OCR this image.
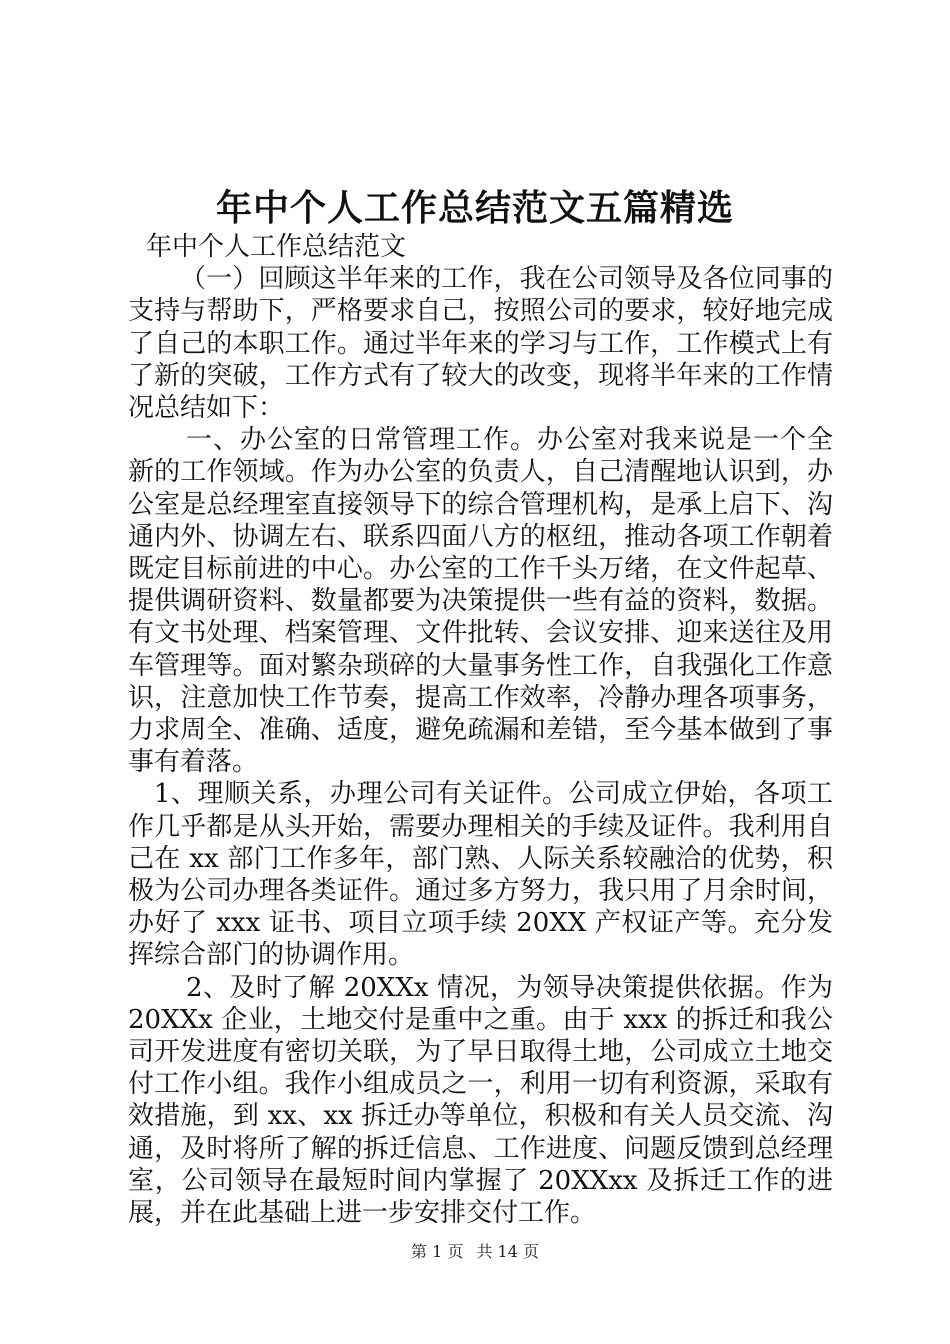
年中个人工作总结范文五篇精选

年中个人工作总结范文

（一）回顾这半年来的工作，我在公司领导及各位同事的支持与帮助下，严格要求自己，按照公司的要求，较好地完成了自己的本职工作。通过半年来的学习与工作，工作模式上有了新的突破，工作方式有了较大的改变，现将半年来的工作情况总结如下：

一、办公室的日常管理工作。办公室对我来说是一个全新的工作领域。作为办公室的负责人，自己清醒地认识到，办公室是总经理室直接领导下的综合管理机构，是承上启下、沟通内外、协调左右、联系四面八方的枢纽，推动各项工作朝着既定目标前进的中心。办公室的工作千头万绪，在文件起草、提供调研资料、数量都要为决策提供一些有益的资料，数据。有文书处理、档案管理、文件批转、会议安排、迎来送往及用车管理等。面对繁杂琐碎的大量事务性工作，自我强化工作意识，注意加快工作节奏，提高工作效率，冷静办理各项事务，力求周全、准确、适度，避免疏漏和差错，至今基本做到了事事有着落。

1、理顺关系，办理公司有关证件。公司成立伊始，各项工作几乎都是从头开始，需要办理相关的手续及证件。我利用自己在 xx 部门工作多年，部门熟、人际关系较融洽的优势，积极为公司办理各类证件。通过多方努力，我只用了月余时间，办好了 xxx 证书、项目立项手续 20XX 产权证产等。充分发挥综合部门的协调作用。

2、及时了解 20XXx 情况，为领导决策提供依据。作为 20XXx 企业，土地交付是重中之重。由于 xxx 的拆迁和我公司开发进度有密切关联，为了早日取得土地，公司成立土地交付工作小组。我作小组成员之一，利用一切有利资源，采取有效措施，到 xx、xx 拆迁办等单位，积极和有关人员交流、沟通，及时将所了解的拆迁信息、工作进度、问题反馈到总经理室，公司领导在最短时间内掌握了 20XXxx 及拆迁工作的进展，并在此基础上进一步安排交付工作。

第 1 页 共 14 页
